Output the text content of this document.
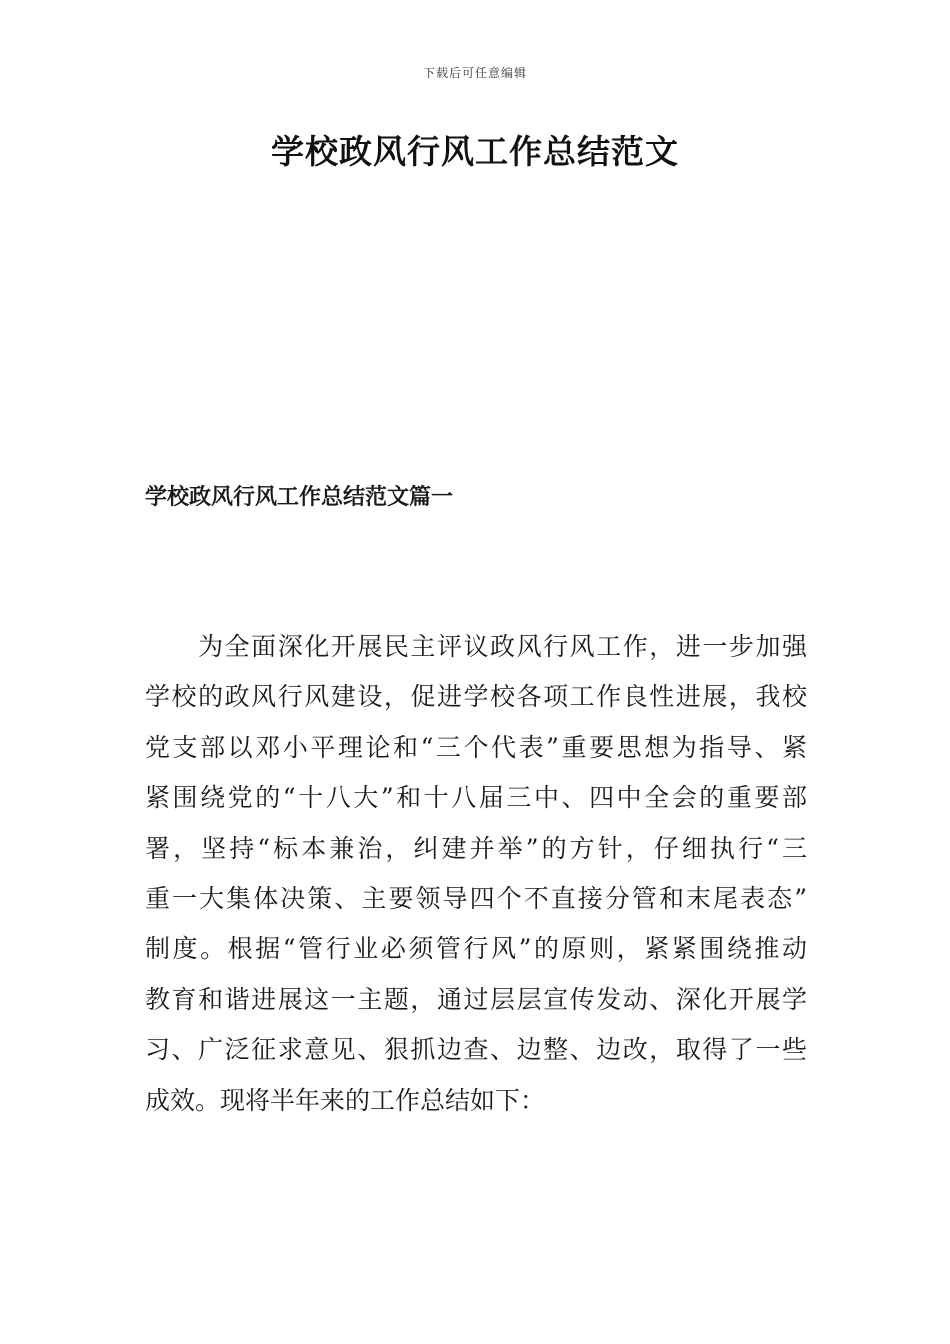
下载后可任意编辑
学校政风行风工作总结范文
学校政风行风工作总结范文篇一
　　为全面深化开展民主评议政风行风工作，进一步加强
学校的政风行风建设，促进学校各项工作良性进展，我校
党支部以邓小平理论和“三个代表”重要思想为指导、紧
紧围绕党的“十八大”和十八届三中、四中全会的重要部
署，坚持“标本兼治，纠建并举”的方针，仔细执行“三
重一大集体决策、主要领导四个不直接分管和末尾表态”
制度。根据“管行业必须管行风”的原则，紧紧围绕推动
教育和谐进展这一主题，通过层层宣传发动、深化开展学
习、广泛征求意见、狠抓边查、边整、边改，取得了一些
成效。现将半年来的工作总结如下：
